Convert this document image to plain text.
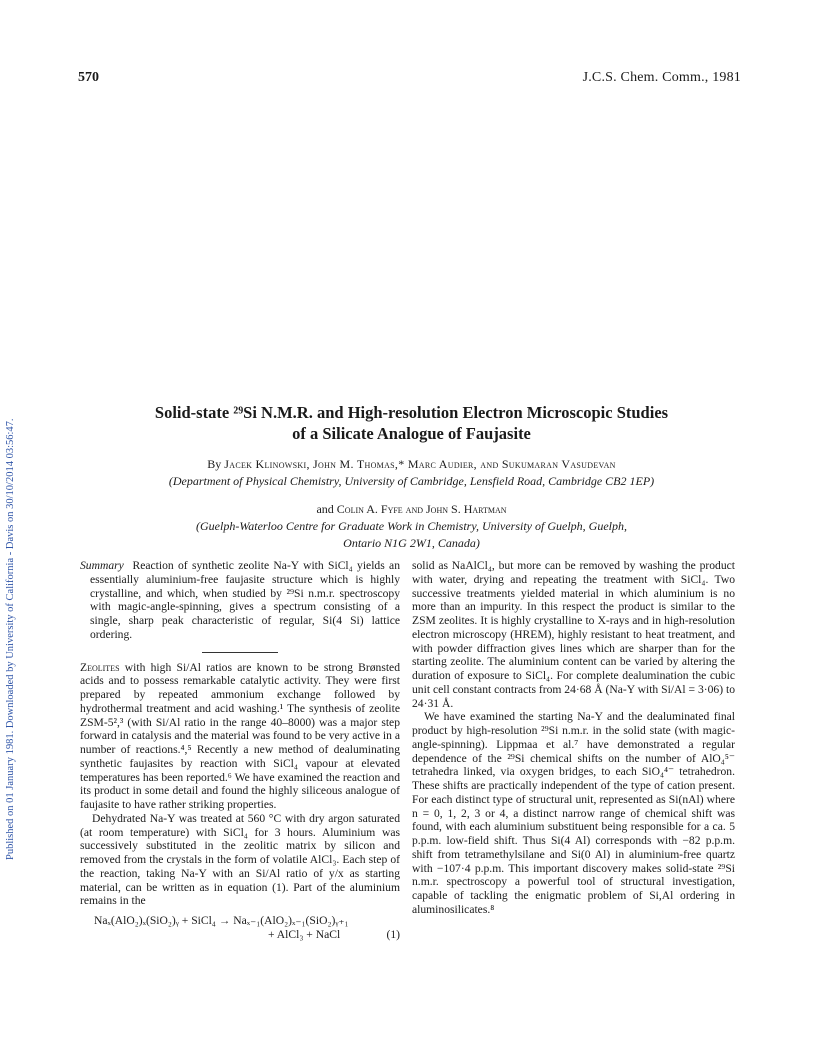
570	J.C.S. Chem. Comm., 1981
Published on 01 January 1981. Downloaded by University of California - Davis on 30/10/2014 03:56:47.
Solid-state ²⁹Si N.M.R. and High-resolution Electron Microscopic Studies
of a Silicate Analogue of Faujasite
By Jacek Klinowski, John M. Thomas,* Marc Audier, and Sukumaran Vasudevan
(Department of Physical Chemistry, University of Cambridge, Lensfield Road, Cambridge CB2 1EP)
and Colin A. Fyfe and John S. Hartman
(Guelph-Waterloo Centre for Graduate Work in Chemistry, University of Guelph, Guelph,
Ontario N1G 2W1, Canada)

Summary Reaction of synthetic zeolite Na-Y with SiCl₄ yields an essentially aluminium-free faujasite structure which is highly crystalline, and which, when studied by ²⁹Si n.m.r. spectroscopy with magic-angle-spinning, gives a spectrum consisting of a single, sharp peak characteristic of regular, Si(4 Si) lattice ordering.

Zeolites with high Si/Al ratios are known to be strong Brønsted acids and to possess remarkable catalytic activity. They were first prepared by repeated ammonium exchange followed by hydrothermal treatment and acid washing.¹ The synthesis of zeolite ZSM-5²,³ (with Si/Al ratio in the range 40–8000) was a major step forward in catalysis and the material was found to be very active in a number of reactions.⁴,⁵ Recently a new method of dealuminating synthetic faujasites by reaction with SiCl₄ vapour at elevated temperatures has been reported.⁶ We have examined the reaction and its product in some detail and found the highly siliceous analogue of faujasite to have rather striking properties.

Dehydrated Na-Y was treated at 560 °C with dry argon saturated (at room temperature) with SiCl₄ for 3 hours. Aluminium was successively substituted in the zeolitic matrix by silicon and removed from the crystals in the form of volatile AlCl₃. Each step of the reaction, taking Na-Y with an Si/Al ratio of y/x as starting material, can be written as in equation (1). Part of the aluminium remains in the

Naₓ(AlO₂)ₓ(SiO₂)ᵧ + SiCl₄ → Naₓ₋₁(AlO₂)ₓ₋₁(SiO₂)ᵧ₊₁
+ AlCl₃ + NaCl	(1)

solid as NaAlCl₄, but more can be removed by washing the product with water, drying and repeating the treatment with SiCl₄. Two successive treatments yielded material in which aluminium is no more than an impurity. In this respect the product is similar to the ZSM zeolites. It is highly crystalline to X-rays and in high-resolution electron microscopy (HREM), highly resistant to heat treatment, and with powder diffraction gives lines which are sharper than for the starting zeolite. The aluminium content can be varied by altering the duration of exposure to SiCl₄. For complete dealumination the cubic unit cell constant contracts from 24·68 Å (Na-Y with Si/Al = 3·06) to 24·31 Å.

We have examined the starting Na-Y and the dealuminated final product by high-resolution ²⁹Si n.m.r. in the solid state (with magic-angle-spinning). Lippmaa et al.⁷ have demonstrated a regular dependence of the ²⁹Si chemical shifts on the number of AlO₄⁵⁻ tetrahedra linked, via oxygen bridges, to each SiO₄⁴⁻ tetrahedron. These shifts are practically independent of the type of cation present. For each distinct type of structural unit, represented as Si(nAl) where n = 0, 1, 2, 3 or 4, a distinct narrow range of chemical shift was found, with each aluminium substituent being responsible for a ca. 5 p.p.m. low-field shift. Thus Si(4 Al) corresponds with −82 p.p.m. shift from tetramethylsilane and Si(0 Al) in aluminium-free quartz with −107·4 p.p.m. This important discovery makes solid-state ²⁹Si n.m.r. spectroscopy a powerful tool of structural investigation, capable of tackling the enigmatic problem of Si,Al ordering in aluminosilicates.⁸
